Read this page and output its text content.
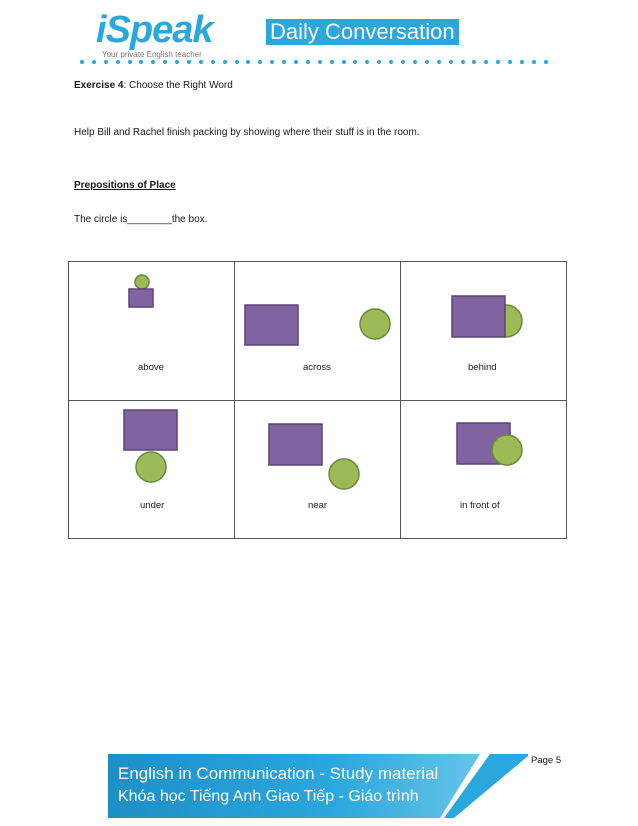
iSpeak
Your private English teacher
Daily Conversation
Exercise 4: Choose the Right Word
Help Bill and Rachel finish packing by showing where their stuff is in the room.
Prepositions of Place
The circle is________the box.
above	across	behind
under	near	in front of
Page 5
English in Communication - Study material
Khóa học Tiếng Anh Giao Tiếp - Giáo trình
